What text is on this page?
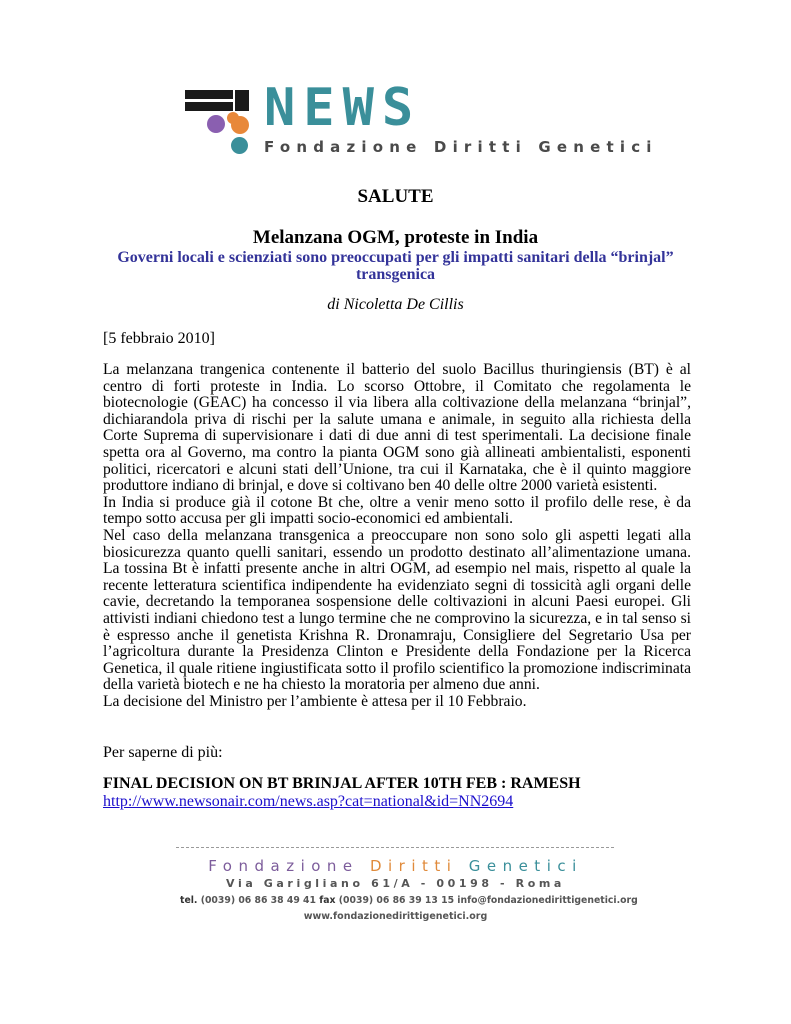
NEWS

Fondazione Diritti Genetici

SALUTE
Melanzana OGM, proteste in India
Governi locali e scienziati sono preoccupati per gli impatti sanitari della “brinjal” transgenica

di Nicoletta De Cillis

[5 febbraio 2010]

La melanzana trangenica contenente il batterio del suolo Bacillus thuringiensis (BT) è al centro di forti proteste in India. Lo scorso Ottobre, il Comitato che regolamenta le biotecnologie (GEAC) ha concesso il via libera alla coltivazione della melanzana “brinjal”, dichiarandola priva di rischi per la salute umana e animale, in seguito alla richiesta della Corte Suprema di supervisionare i dati di due anni di test sperimentali. La decisione finale spetta ora al Governo, ma contro la pianta OGM sono già allineati ambientalisti, esponenti politici, ricercatori e alcuni stati dell’Unione, tra cui il Karnataka, che è il quinto maggiore produttore indiano di brinjal, e dove si coltivano ben 40 delle oltre 2000 varietà esistenti.

In India si produce già il cotone Bt che, oltre a venir meno sotto il profilo delle rese, è da tempo sotto accusa per gli impatti socio-economici ed ambientali.

Nel caso della melanzana transgenica a preoccupare non sono solo gli aspetti legati alla biosicurezza quanto quelli sanitari, essendo un prodotto destinato all’alimentazione umana. La tossina Bt è infatti presente anche in altri OGM, ad esempio nel mais, rispetto al quale la recente letteratura scientifica indipendente ha evidenziato segni di tossicità agli organi delle cavie, decretando la temporanea sospensione delle coltivazioni in alcuni Paesi europei. Gli attivisti indiani chiedono test a lungo termine che ne comprovino la sicurezza, e in tal senso si è espresso anche il genetista Krishna R. Dronamraju, Consigliere del Segretario Usa per l’agricoltura durante la Presidenza Clinton e Presidente della Fondazione per la Ricerca Genetica, il quale ritiene ingiustificata sotto il profilo scientifico la promozione indiscriminata della varietà biotech e ne ha chiesto la moratoria per almeno due anni.

La decisione del Ministro per l’ambiente è attesa per il 10 Febbraio.

Per saperne di più:

FINAL DECISION ON BT BRINJAL AFTER 10TH FEB : RAMESH

http://www.newsonair.com/news.asp?cat=national&id=NN2694

Fondazione Diritti Genetici

Via Garigliano 61/A - 00198 - Roma

tel. (0039) 06 86 38 49 41 fax (0039) 06 86 39 13 15 info@fondazionedirittigenetici.org

www.fondazionedirittigenetici.org
